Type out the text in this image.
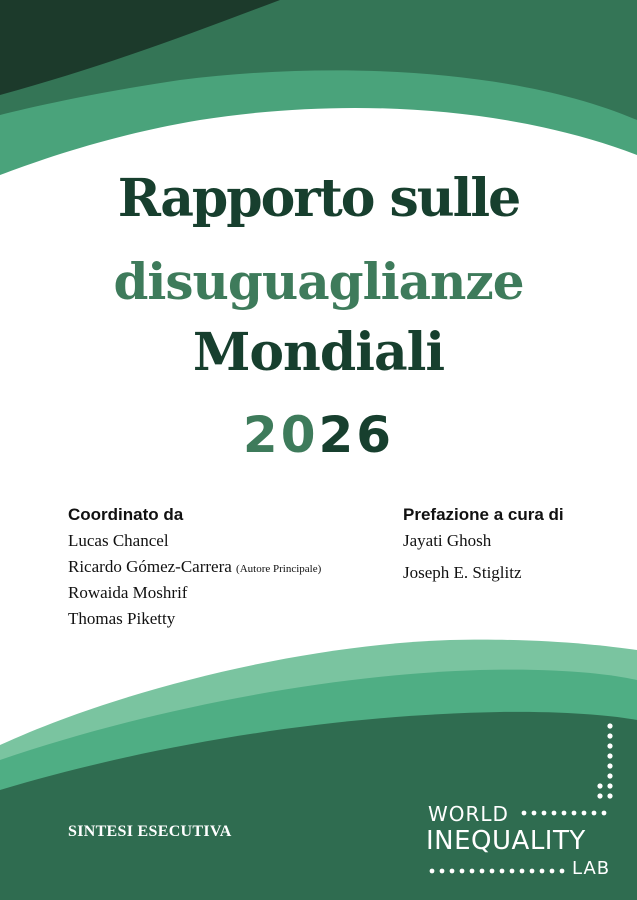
Rapporto sulle
disuguaglianze
Mondiali
2026
Coordinato da
Lucas Chancel
Ricardo Gómez-Carrera (Autore Principale)
Rowaida Moshrif
Thomas Piketty
Prefazione a cura di
Jayati Ghosh
Joseph E. Stiglitz
SINTESI ESECUTIVA
WORLD
INEQUALITY
LAB
